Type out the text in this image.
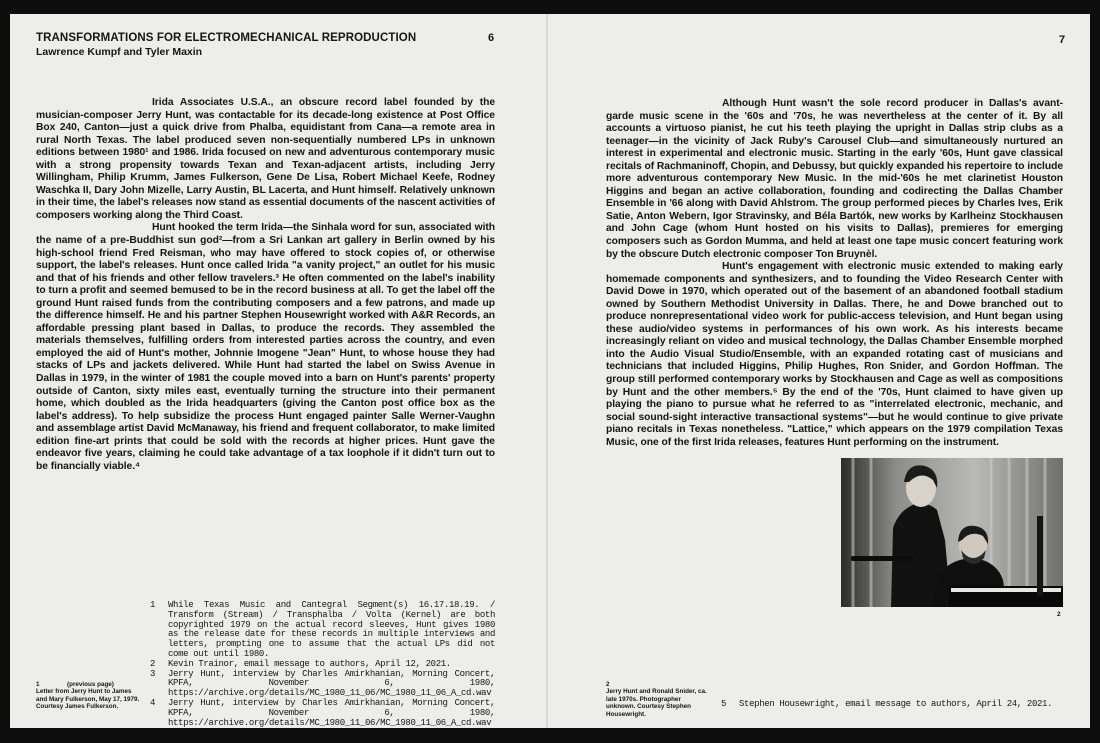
TRANSFORMATIONS FOR ELECTROMECHANICAL REPRODUCTION
Lawrence Kumpf and Tyler Maxin
6

Irida Associates U.S.A., an obscure record label founded by the musician-composer Jerry Hunt, was contactable for its decade-long existence at Post Office Box 240, Canton—just a quick drive from Phalba, equidistant from Cana—a remote area in rural North Texas. The label produced seven non-sequentially numbered LPs in unknown editions between 1980¹ and 1986. Irida focused on new and adventurous contemporary music with a strong propensity towards Texan and Texan-adjacent artists, including Jerry Willingham, Philip Krumm, James Fulkerson, Gene De Lisa, Robert Michael Keefe, Rodney Waschka II, Dary John Mizelle, Larry Austin, BL Lacerta, and Hunt himself. Relatively unknown in their time, the label's releases now stand as essential documents of the nascent activities of composers working along the Third Coast.

Hunt hooked the term Irida—the Sinhala word for sun, associated with the name of a pre-Buddhist sun god²—from a Sri Lankan art gallery in Berlin owned by his high-school friend Fred Reisman, who may have offered to stock copies of, or otherwise support, the label's releases. Hunt once called Irida "a vanity project," an outlet for his music and that of his friends and other fellow travelers.³ He often commented on the label's inability to turn a profit and seemed bemused to be in the record business at all. To get the label off the ground Hunt raised funds from the contributing composers and a few patrons, and made up the difference himself. He and his partner Stephen Housewright worked with A&R Records, an affordable pressing plant based in Dallas, to produce the records. They assembled the materials themselves, fulfilling orders from interested parties across the country, and even employed the aid of Hunt's mother, Johnnie Imogene "Jean" Hunt, to whose house they had stacks of LPs and jackets delivered. While Hunt had started the label on Swiss Avenue in Dallas in 1979, in the winter of 1981 the couple moved into a barn on Hunt's parents' property outside of Canton, sixty miles east, eventually turning the structure into their permanent home, which doubled as the Irida headquarters (giving the Canton post office box as the label's address). To help subsidize the process Hunt engaged painter Salle Werner-Vaughn and assemblage artist David McManaway, his friend and frequent collaborator, to make limited edition fine-art prints that could be sold with the records at higher prices. Hunt gave the endeavor five years, claiming he could take advantage of a tax loophole if it didn't turn out to be financially viable.⁴

1 While Texas Music and Cantegral Segment(s) 16.17.18.19. / Transform (Stream) / Transphalba / Volta (Kernel) are both copyrighted 1979 on the actual record sleeves, Hunt gives 1980 as the release date for these records in multiple interviews and letters, prompting one to assume that the actual LPs did not come out until 1980.
2 Kevin Trainor, email message to authors, April 12, 2021.
3 Jerry Hunt, interview by Charles Amirkhanian, Morning Concert, KPFA, November 6, 1980, https://archive.org/details/MC_1980_11_06/MC_1980_11_06_A_cd.wav
4 Jerry Hunt, interview by Charles Amirkhanian, Morning Concert, KPFA, November 6, 1980, https://archive.org/details/MC_1980_11_06/MC_1980_11_06_A_cd.wav
1	(previous page)
Letter from Jerry Hunt to James and Mary Fulkerson, May 17, 1979. Courtesy James Fulkerson.
7

Although Hunt wasn't the sole record producer in Dallas's avant-garde music scene in the '60s and '70s, he was nevertheless at the center of it. By all accounts a virtuoso pianist, he cut his teeth playing the upright in Dallas strip clubs as a teenager—in the vicinity of Jack Ruby's Carousel Club—and simultaneously nurtured an interest in experimental and electronic music. Starting in the early '60s, Hunt gave classical recitals of Rachmaninoff, Chopin, and Debussy, but quickly expanded his repertoire to include more adventurous contemporary New Music. In the mid-'60s he met clarinetist Houston Higgins and began an active collaboration, founding and codirecting the Dallas Chamber Ensemble in '66 along with David Ahlstrom. The group performed pieces by Charles Ives, Erik Satie, Anton Webern, Igor Stravinsky, and Béla Bartók, new works by Karlheinz Stockhausen and John Cage (whom Hunt hosted on his visits to Dallas), premieres for emerging composers such as Gordon Mumma, and held at least one tape music concert featuring work by the obscure Dutch electronic composer Ton Bruynèl.

Hunt's engagement with electronic music extended to making early homemade components and synthesizers, and to founding the Video Research Center with David Dowe in 1970, which operated out of the basement of an abandoned football stadium owned by Southern Methodist University in Dallas. There, he and Dowe branched out to produce nonrepresentational video work for public-access television, and Hunt began using these audio/video systems in performances of his own work. As his interests became increasingly reliant on video and musical technology, the Dallas Chamber Ensemble morphed into the Audio Visual Studio/Ensemble, with an expanded rotating cast of musicians and technicians that included Higgins, Philip Hughes, Ron Snider, and Gordon Hoffman. The group still performed contemporary works by Stockhausen and Cage as well as compositions by Hunt and the other members.⁵ By the end of the '70s, Hunt claimed to have given up playing the piano to pursue what he referred to as "interrelated electronic, mechanic, and social sound-sight interactive transactional systems"—but he would continue to give private piano recitals in Texas nonetheless. "Lattice," which appears on the 1979 compilation Texas Music, one of the first Irida releases, features Hunt performing on the instrument.

2
2
Jerry Hunt and Ronald Snider, ca. late 1970s. Photographer unknown. Courtesy Stephen Housewright.
5 Stephen Housewright, email message to authors, April 24, 2021.
